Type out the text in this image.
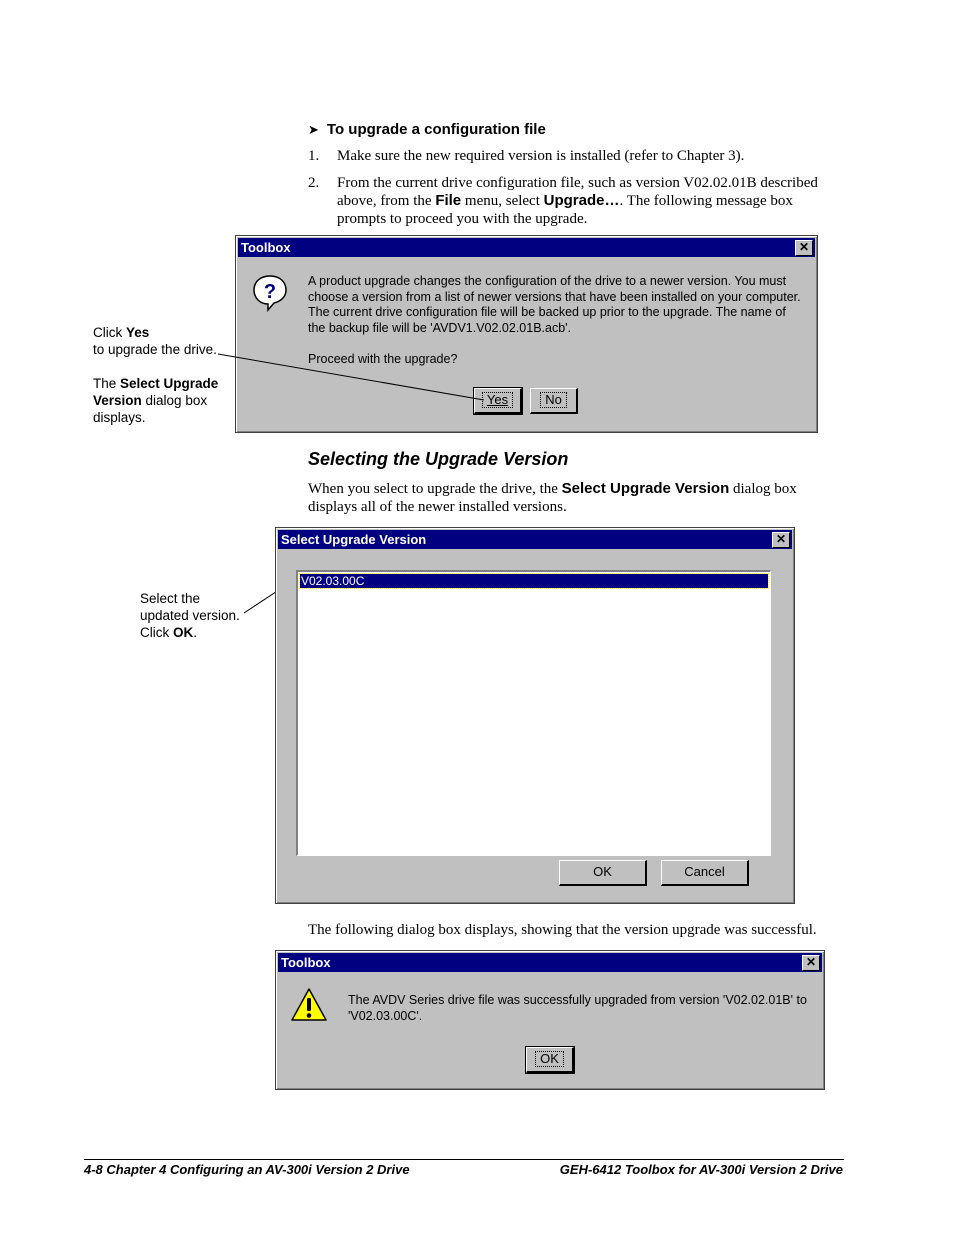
➤ To upgrade a configuration file
1. Make sure the new required version is installed (refer to Chapter 3).
2. From the current drive configuration file, such as version V02.02.01B described above, from the File menu, select Upgrade…. The following message box prompts to proceed you with the upgrade.
Toolbox	✕
?	A product upgrade changes the configuration of the drive to a newer version. You must choose a version from a list of newer versions that have been installed on your computer. The current drive configuration file will be backed up prior to the upgrade. The name of the backup file will be 'AVDV1.V02.02.01B.acb'.
Proceed with the upgrade?
Yes	No
Click Yes
to upgrade the drive.
The Select Upgrade
Version dialog box
displays.
Selecting the Upgrade Version
When you select to upgrade the drive, the Select Upgrade Version dialog box displays all of the newer installed versions.
Select Upgrade Version	✕
V02.03.00C
OK	Cancel
Select the
updated version.
Click OK.
The following dialog box displays, showing that the version upgrade was successful.
Toolbox	✕
The AVDV Series drive file was successfully upgraded from version 'V02.02.01B' to 'V02.03.00C'.
OK
4-8 Chapter 4 Configuring an AV-300i Version 2 Drive	GEH-6412 Toolbox for AV-300i Version 2 Drive
